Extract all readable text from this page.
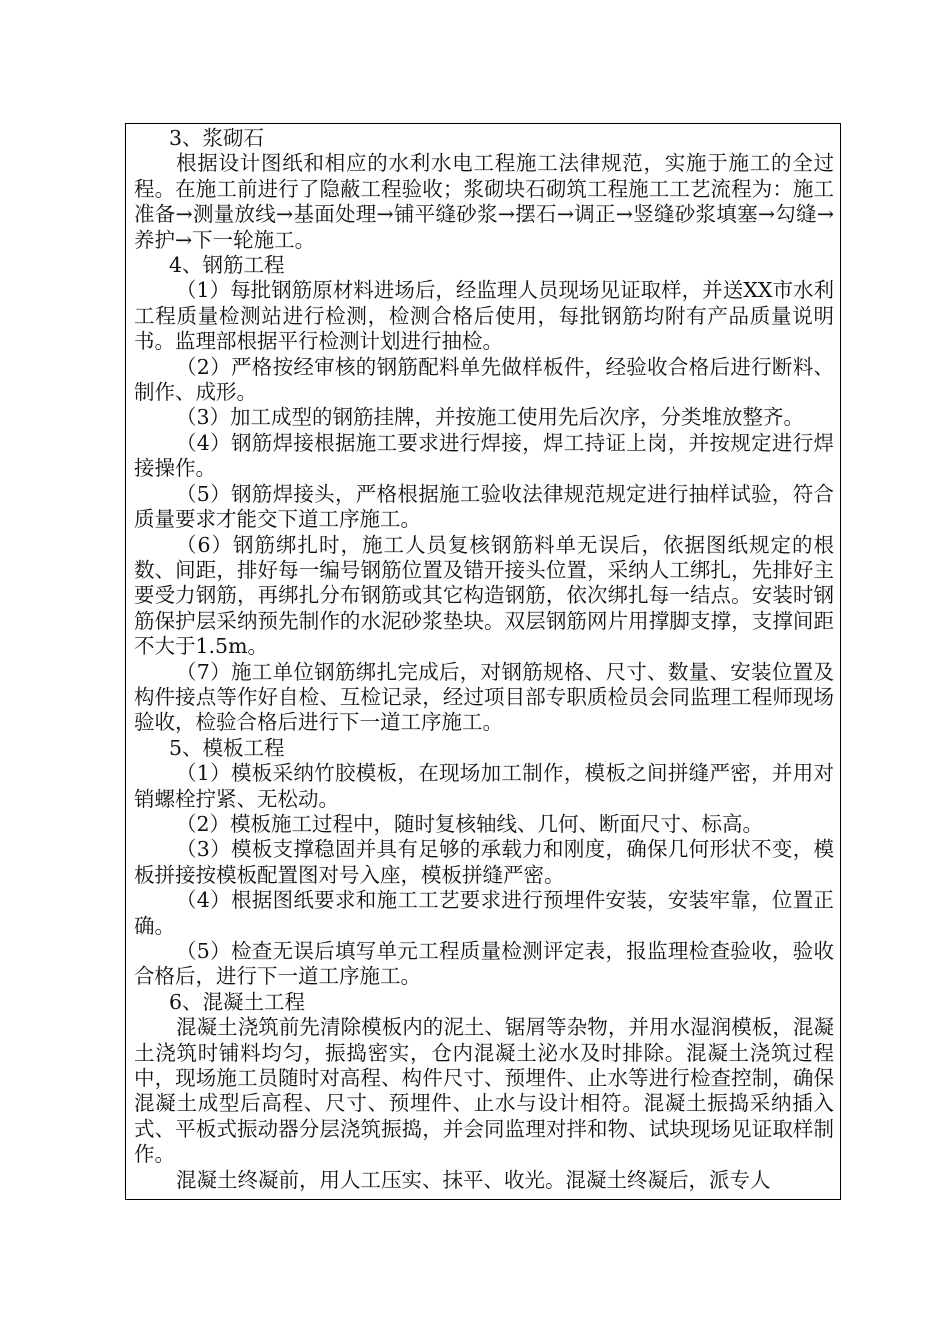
3、浆砌石

根据设计图纸和相应的水利水电工程施工法律规范，实施于施工的全过程。在施工前进行了隐蔽工程验收；浆砌块石砌筑工程施工工艺流程为：施工准备→测量放线→基面处理→铺平缝砂浆→摆石→调正→竖缝砂浆填塞→勾缝→养护→下一轮施工。

4、钢筋工程

（1）每批钢筋原材料进场后，经监理人员现场见证取样，并送XX市水利工程质量检测站进行检测，检测合格后使用，每批钢筋均附有产品质量说明书。监理部根据平行检测计划进行抽检。

（2）严格按经审核的钢筋配料单先做样板件，经验收合格后进行断料、制作、成形。

（3）加工成型的钢筋挂牌，并按施工使用先后次序，分类堆放整齐。

（4）钢筋焊接根据施工要求进行焊接，焊工持证上岗，并按规定进行焊接操作。

（5）钢筋焊接头，严格根据施工验收法律规范规定进行抽样试验，符合质量要求才能交下道工序施工。

（6）钢筋绑扎时，施工人员复核钢筋料单无误后，依据图纸规定的根数、间距，排好每一编号钢筋位置及错开接头位置，采纳人工绑扎，先排好主要受力钢筋，再绑扎分布钢筋或其它构造钢筋，依次绑扎每一结点。安装时钢筋保护层采纳预先制作的水泥砂浆垫块。双层钢筋网片用撑脚支撑，支撑间距不大于1.5m。

（7）施工单位钢筋绑扎完成后，对钢筋规格、尺寸、数量、安装位置及构件接点等作好自检、互检记录，经过项目部专职质检员会同监理工程师现场验收，检验合格后进行下一道工序施工。

5、模板工程

（1）模板采纳竹胶模板，在现场加工制作，模板之间拼缝严密，并用对销螺栓拧紧、无松动。

（2）模板施工过程中，随时复核轴线、几何、断面尺寸、标高。

（3）模板支撑稳固并具有足够的承载力和刚度，确保几何形状不变，模板拼接按模板配置图对号入座，模板拼缝严密。

（4）根据图纸要求和施工工艺要求进行预埋件安装，安装牢靠，位置正确。

（5）检查无误后填写单元工程质量检测评定表，报监理检查验收，验收合格后，进行下一道工序施工。

6、混凝土工程

混凝土浇筑前先清除模板内的泥土、锯屑等杂物，并用水湿润模板，混凝土浇筑时铺料均匀，振捣密实，仓内混凝土泌水及时排除。混凝土浇筑过程中，现场施工员随时对高程、构件尺寸、预埋件、止水等进行检查控制，确保混凝土成型后高程、尺寸、预埋件、止水与设计相符。混凝土振捣采纳插入式、平板式振动器分层浇筑振捣，并会同监理对拌和物、试块现场见证取样制作。

混凝土终凝前，用人工压实、抹平、收光。混凝土终凝后，派专人
